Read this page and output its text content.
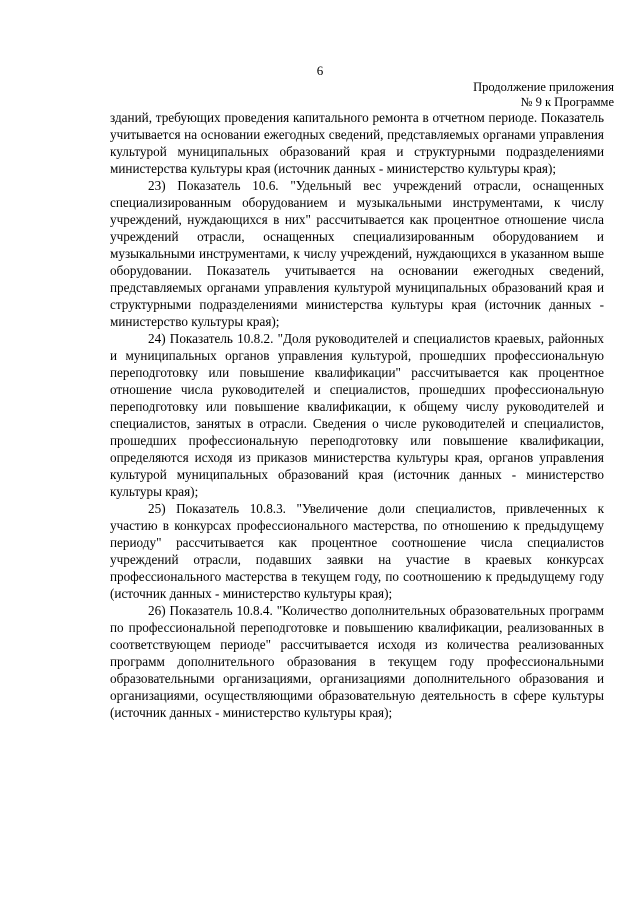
6
Продолжение приложения
№ 9 к Программе

зданий, требующих проведения капитального ремонта в отчетном периоде. Показатель учитывается на основании ежегодных сведений, представляемых органами управления культурой муниципальных образований края и структурными подразделениями министерства культуры края (источник данных - министерство культуры края);

23) Показатель 10.6. "Удельный вес учреждений отрасли, оснащенных специализированным оборудованием и музыкальными инструментами, к числу учреждений, нуждающихся в них" рассчитывается как процентное отношение числа учреждений отрасли, оснащенных специализированным оборудованием и музыкальными инструментами, к числу учреждений, нуждающихся в указанном выше оборудовании. Показатель учитывается на основании ежегодных сведений, представляемых органами управления культурой муниципальных образований края и структурными подразделениями министерства культуры края (источник данных - министерство культуры края);

24) Показатель 10.8.2. "Доля руководителей и специалистов краевых, районных и муниципальных органов управления культурой, прошедших профессиональную переподготовку или повышение квалификации" рассчитывается как процентное отношение числа руководителей и специалистов, прошедших профессиональную переподготовку или повышение квалификации, к общему числу руководителей и специалистов, занятых в отрасли. Сведения о числе руководителей и специалистов, прошедших профессиональную переподготовку или повышение квалификации, определяются исходя из приказов министерства культуры края, органов управления культурой муниципальных образований края (источник данных - министерство культуры края);

25) Показатель 10.8.3. "Увеличение доли специалистов, привлеченных к участию в конкурсах профессионального мастерства, по отношению к предыдущему периоду" рассчитывается как процентное соотношение числа специалистов учреждений отрасли, подавших заявки на участие в краевых конкурсах профессионального мастерства в текущем году, по соотношению к предыдущему году (источник данных - министерство культуры края);

26) Показатель 10.8.4. "Количество дополнительных образовательных программ по профессиональной переподготовке и повышению квалификации, реализованных в соответствующем периоде" рассчитывается исходя из количества реализованных программ дополнительного образования в текущем году профессиональными образовательными организациями, организациями дополнительного образования и организациями, осуществляющими образовательную деятельность в сфере культуры (источник данных - министерство культуры края);
